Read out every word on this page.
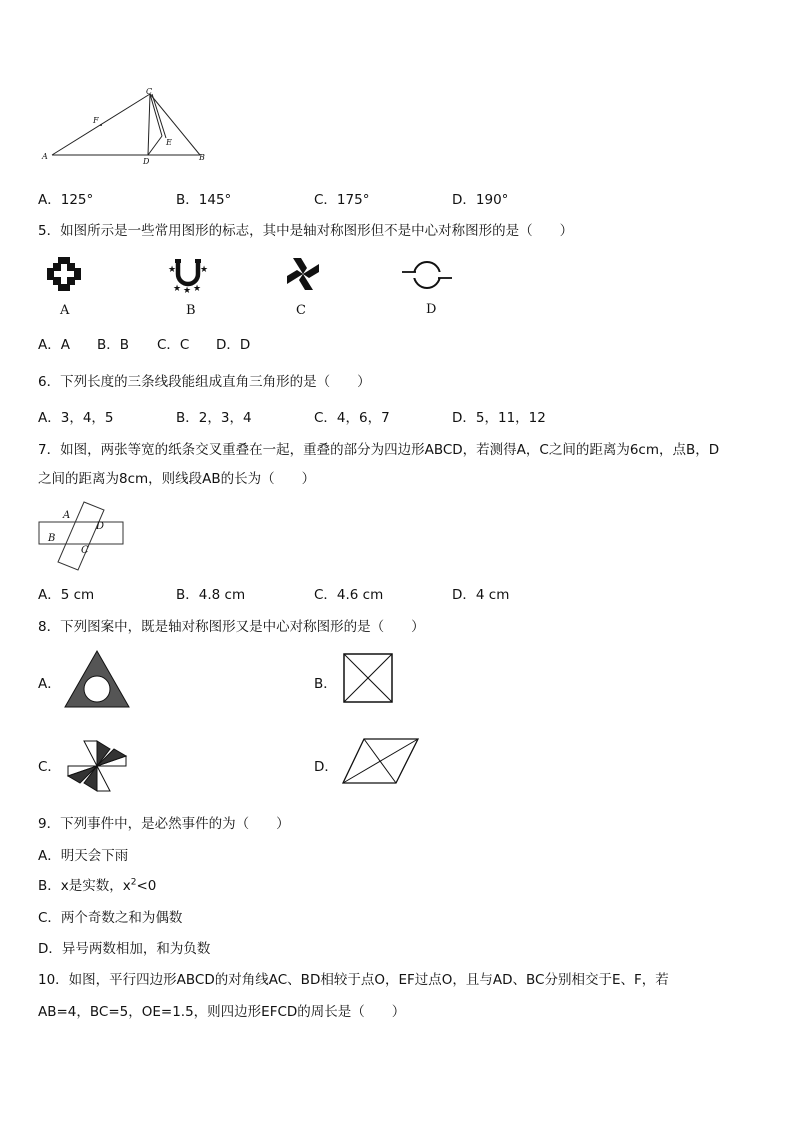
C
F
E
A
D	B
A．125°	B．145°	C．175°	D．190°
5．如图所示是一些常用图形的标志，其中是轴对称图形但不是中心对称图形的是（　　）
★	★
★ ★ ★
A	B	C	D
A．A B．B C．C D．D
6．下列长度的三条线段能组成直角三角形的是（　　）
A．3，4，5	B．2，3，4	C．4，6，7	D．5，11，12
7．如图，两张等宽的纸条交叉重叠在一起，重叠的部分为四边形ABCD，若测得A，C之间的距离为6cm，点B，D
之间的距离为8cm，则线段AB的长为（　　）
A
D
B
C
A．5 cm	B．4.8 cm	C．4.6 cm	D．4 cm
8．下列图案中，既是轴对称图形又是中心对称图形的是（　　）
A．	B．
C．	D．
9．下列事件中，是必然事件的为（　　）
A．明天会下雨
B．x是实数，$x^2<0$
C．两个奇数之和为偶数
D．异号两数相加，和为负数
10．如图，平行四边形ABCD的对角线AC、BD相较于点O，EF过点O，且与AD、BC分别相交于E、F，若
AB=4，BC=5，OE=1.5，则四边形EFCD的周长是（　　）
